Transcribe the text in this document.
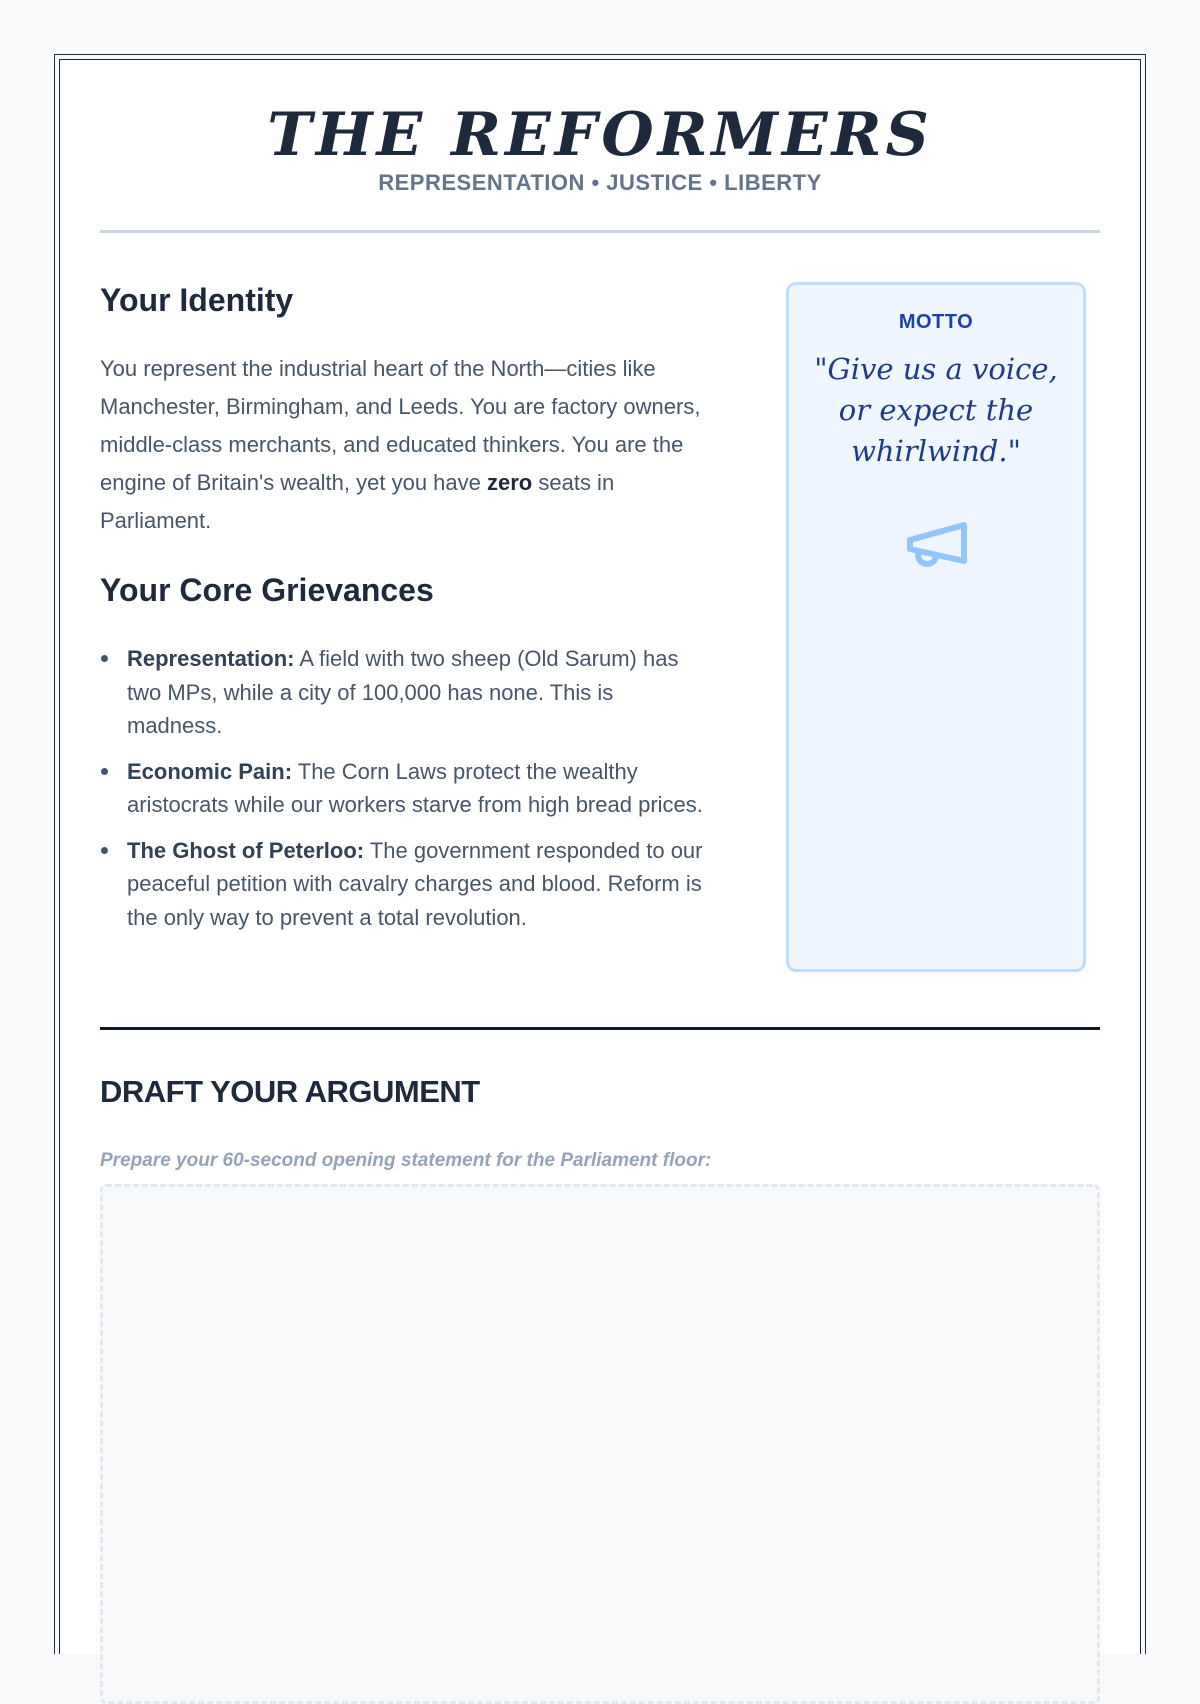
THE REFORMERS
REPRESENTATION • JUSTICE • LIBERTY
Your Identity

You represent the industrial heart of the North—cities like Manchester, Birmingham, and Leeds. You are factory owners, middle-class merchants, and educated thinkers. You are the engine of Britain's wealth, yet you have zero seats in Parliament.

Your Core Grievances
Representation: A field with two sheep (Old Sarum) has two MPs, while a city of 100,000 has none. This is madness.
Economic Pain: The Corn Laws protect the wealthy aristocrats while our workers starve from high bread prices.
The Ghost of Peterloo: The government responded to our peaceful petition with cavalry charges and blood. Reform is the only way to prevent a total revolution.
MOTTO

"Give us a voice, or expect the whirlwind."

DRAFT YOUR ARGUMENT
Prepare your 60-second opening statement for the Parliament floor:
